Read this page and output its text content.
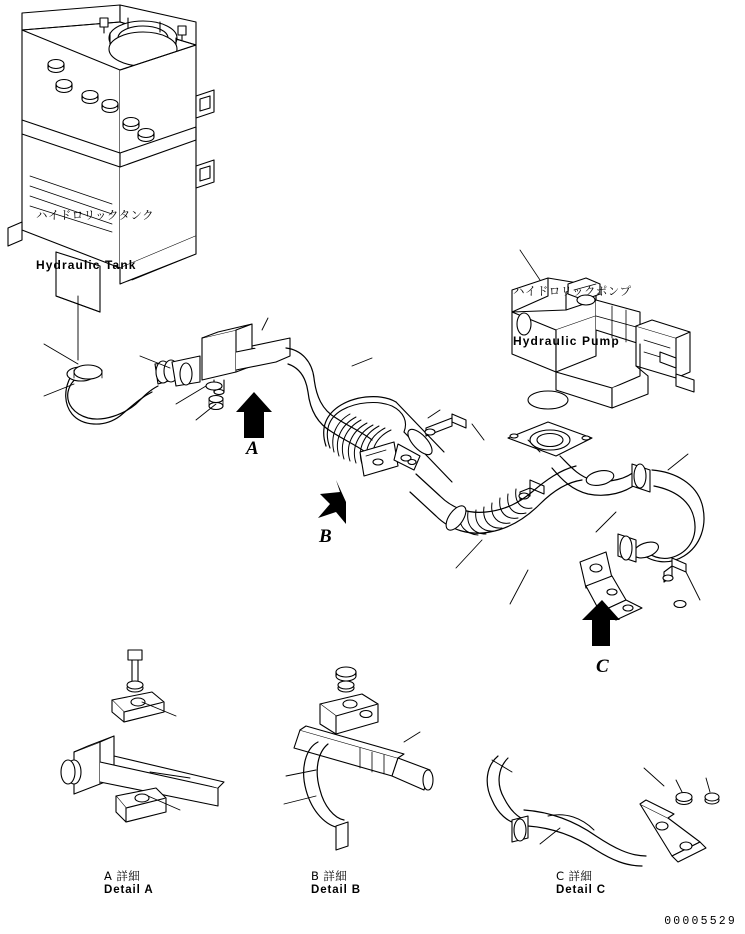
ハイドロリックタンク

Hydraulic Tank

ハイドロリックポンプ

Hydraulic Pump

A
B
C
A 詳細
Detail A
B 詳細
Detail B
C 詳細
Detail C
00005529
